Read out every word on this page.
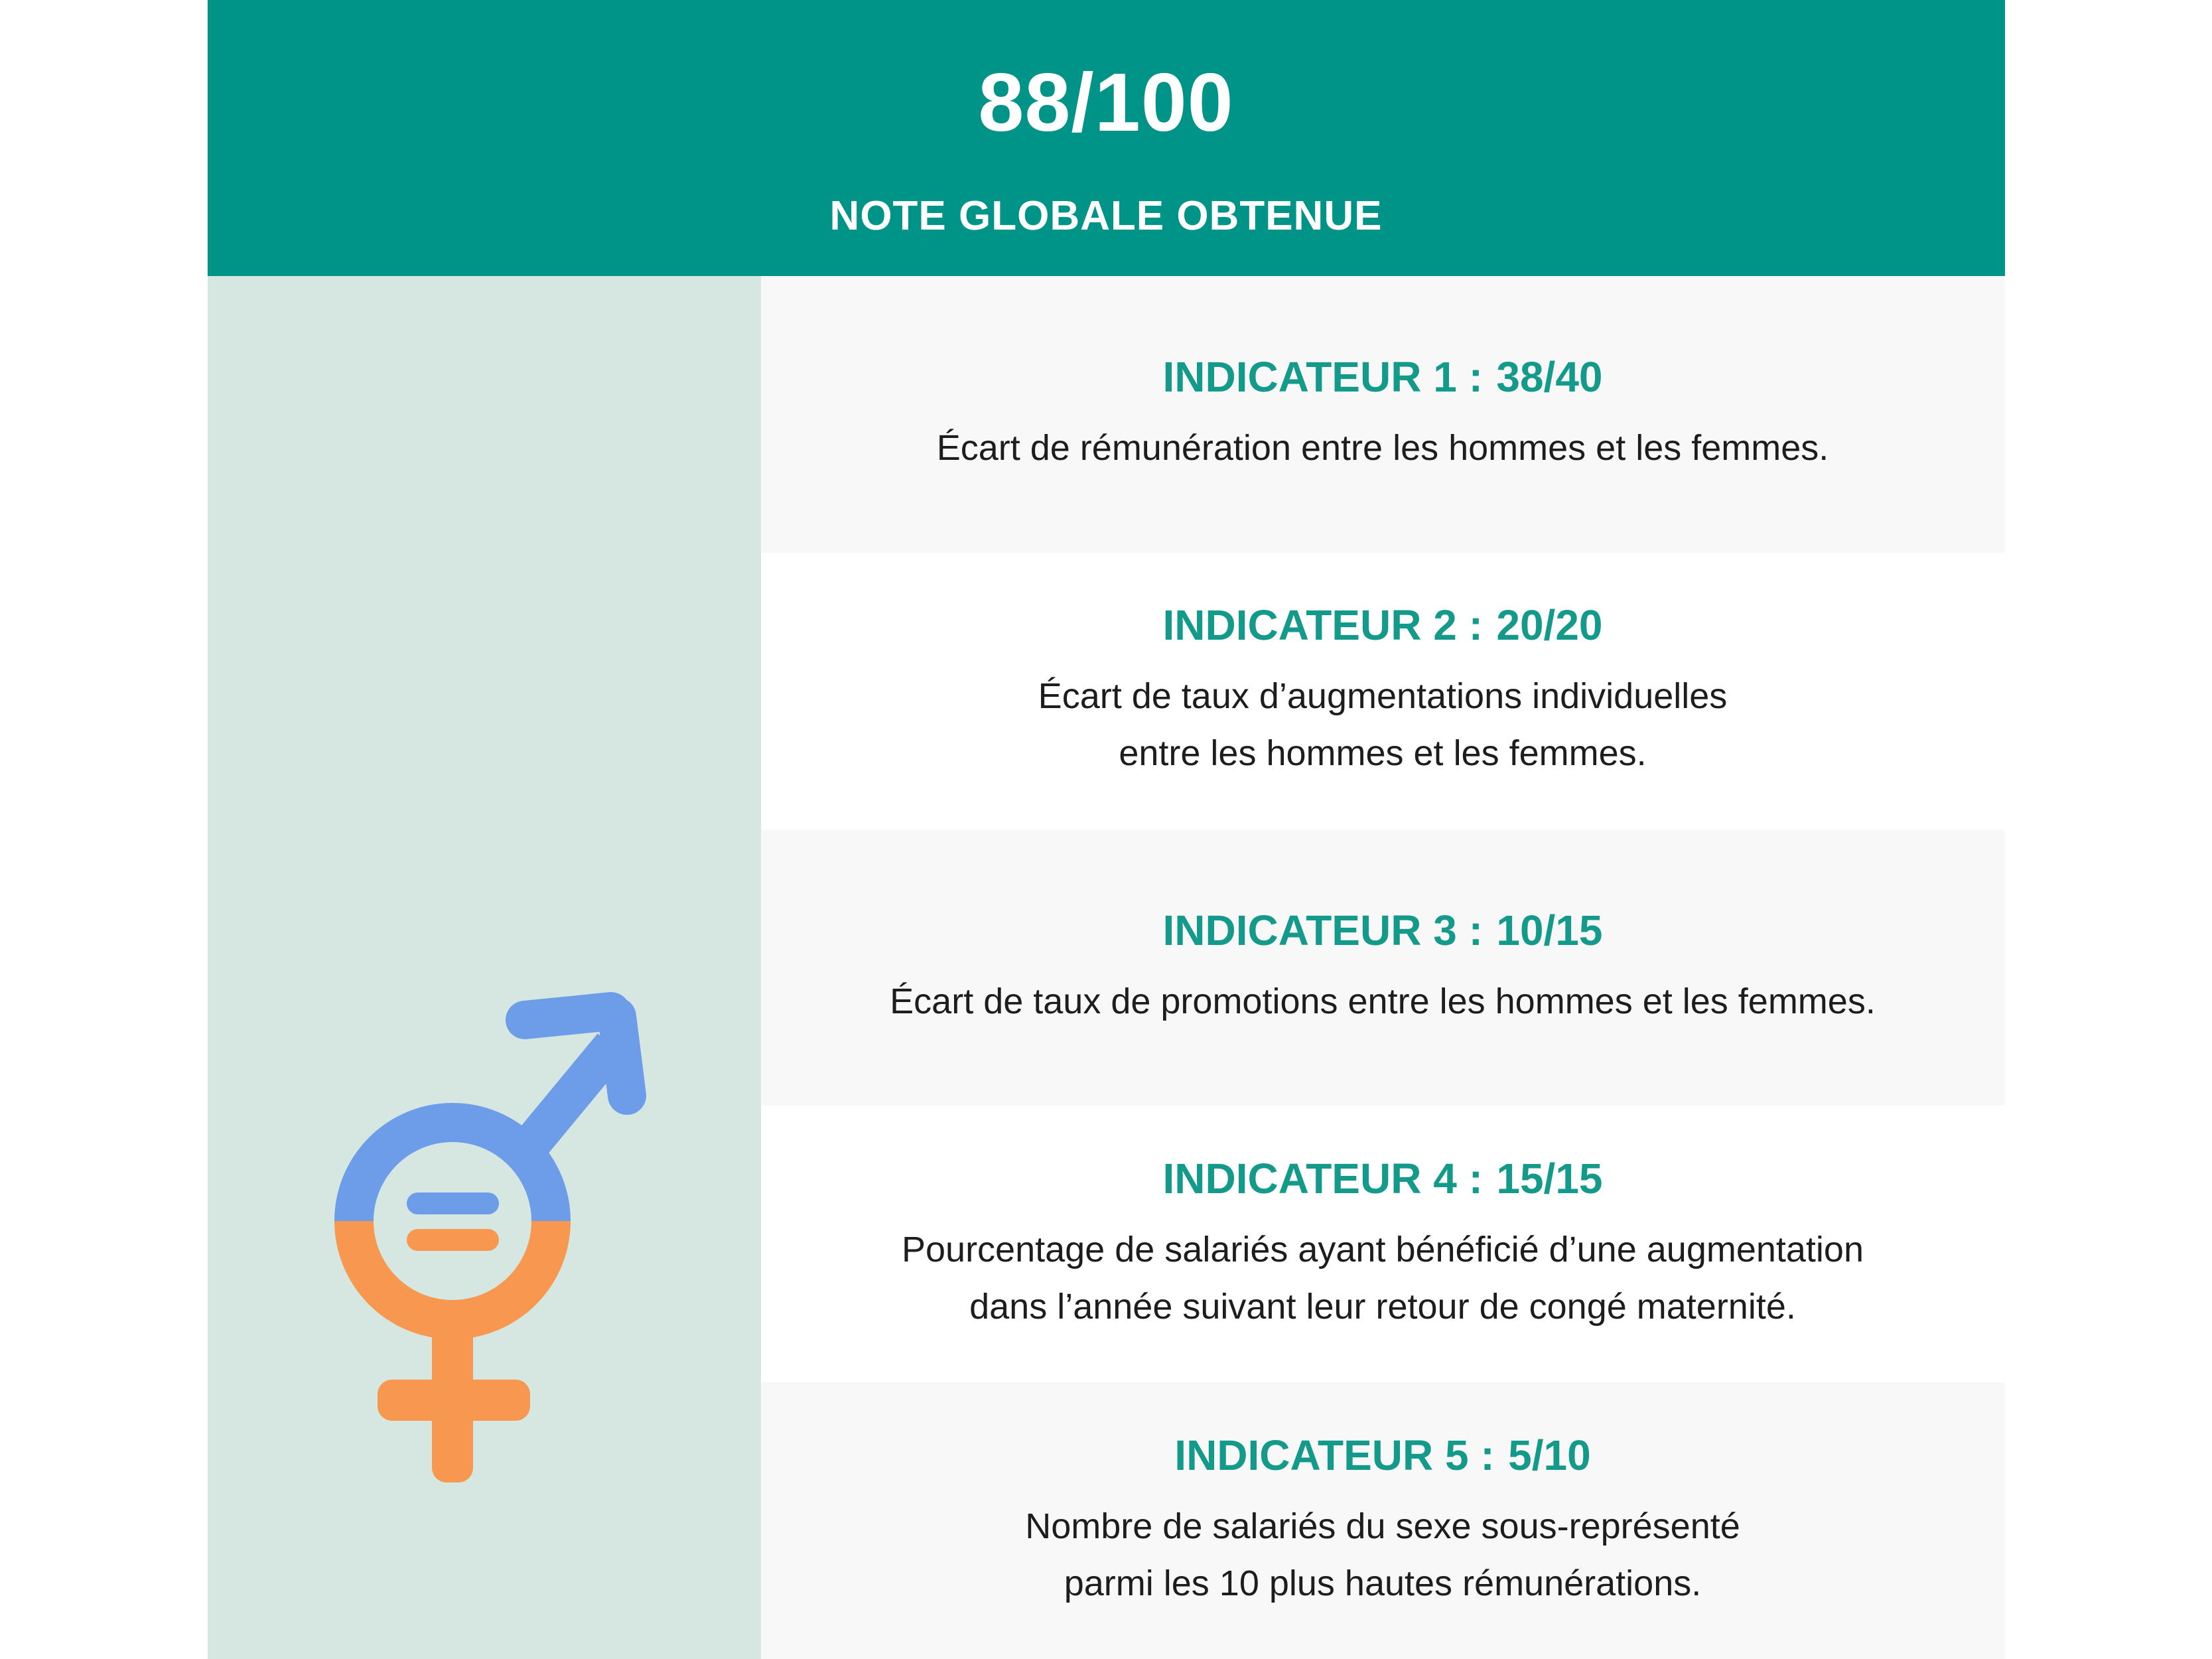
88/100
NOTE GLOBALE OBTENUE
INDICATEUR 1 : 38/40

Écart de rémunération entre les hommes et les femmes.

INDICATEUR 2 : 20/20

Écart de taux d’augmentations individuelles
entre les hommes et les femmes.

INDICATEUR 3 : 10/15

Écart de taux de promotions entre les hommes et les femmes.

INDICATEUR 4 : 15/15

Pourcentage de salariés ayant bénéficié d’une augmentation
dans l’année suivant leur retour de congé maternité.

INDICATEUR 5 : 5/10

Nombre de salariés du sexe sous-représenté
parmi les 10 plus hautes rémunérations.
